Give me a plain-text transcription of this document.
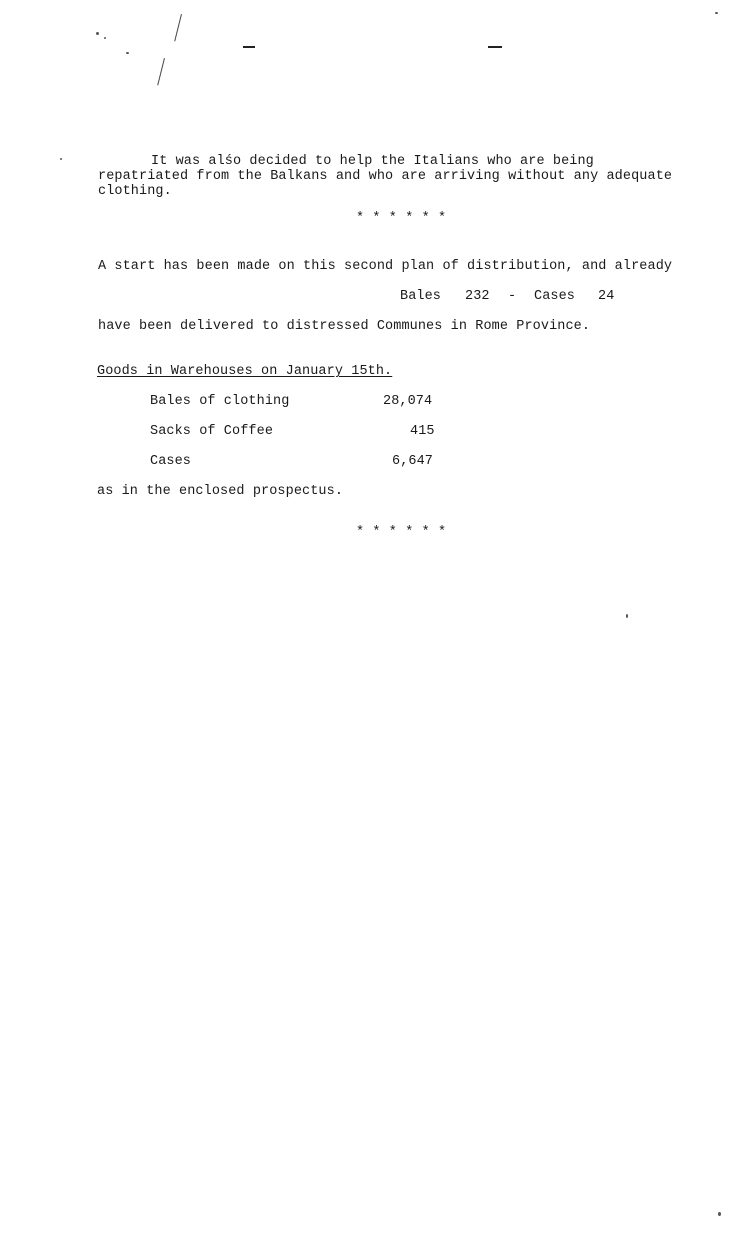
It was alśo decided to help the Italians who are being
repatriated from the Balkans and who are arriving without any adequate
clothing.
* * * * * *
A start has been made on this second plan of distribution, and already
Bales 232 - Cases 24
have been delivered to distressed Communes in Rome Province.
Goods in Warehouses on January 15th.
Bales of clothing	28,074
Sacks of Coffee	415
Cases	6,647
as in the enclosed prospectus.
* * * * * *
